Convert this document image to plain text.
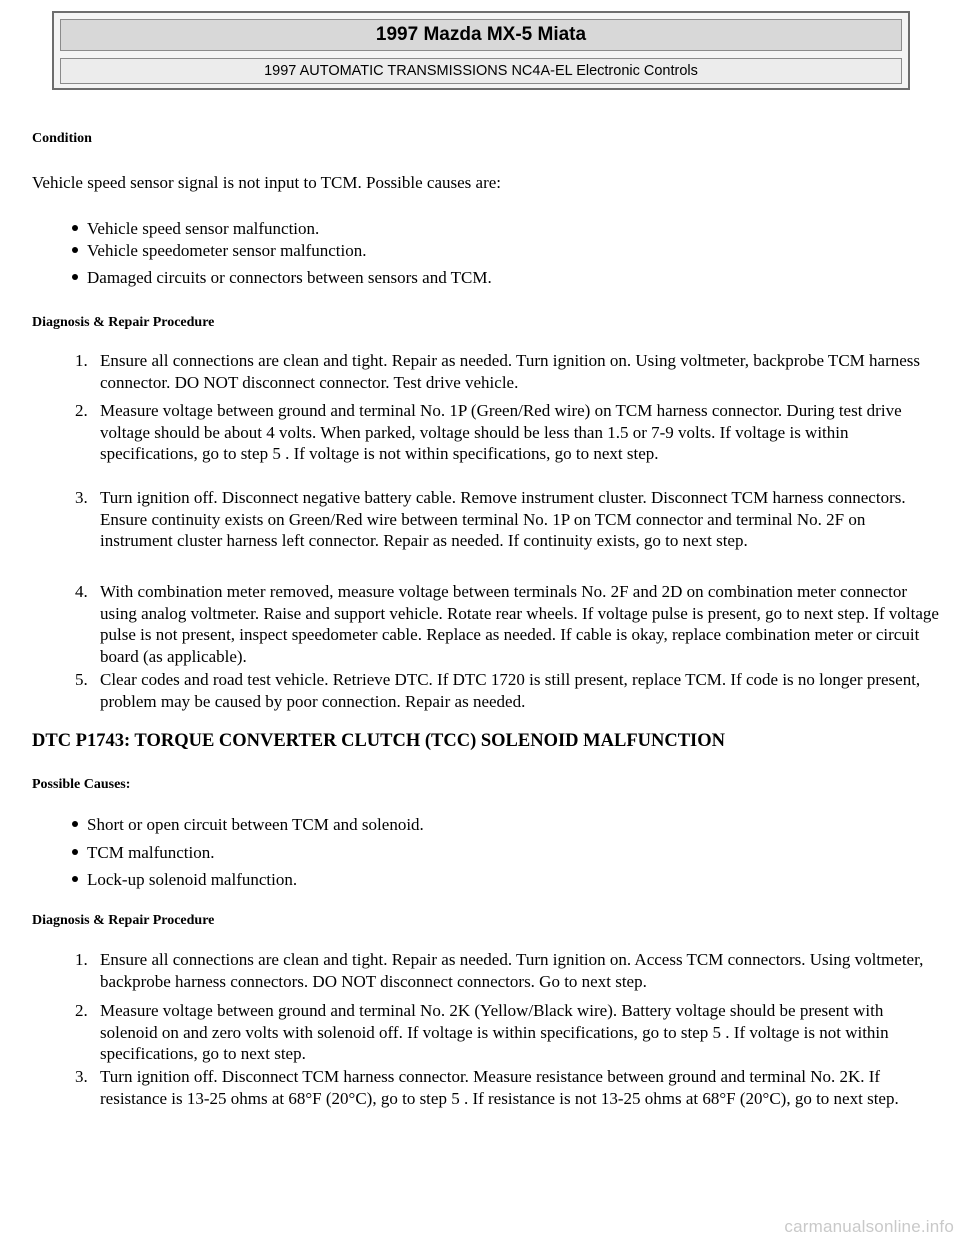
1997 Mazda MX-5 Miata
1997 AUTOMATIC TRANSMISSIONS NC4A-EL Electronic Controls
Condition
Vehicle speed sensor signal is not input to TCM. Possible causes are:
Vehicle speed sensor malfunction.
Vehicle speedometer sensor malfunction.
Damaged circuits or connectors between sensors and TCM.
Diagnosis & Repair Procedure
1. Ensure all connections are clean and tight. Repair as needed. Turn ignition on. Using voltmeter, backprobe TCM harness connector. DO NOT disconnect connector. Test drive vehicle.
2. Measure voltage between ground and terminal No. 1P (Green/Red wire) on TCM harness connector. During test drive voltage should be about 4 volts. When parked, voltage should be less than 1.5 or 7-9 volts. If voltage is within specifications, go to step 5 . If voltage is not within specifications, go to next step.
3. Turn ignition off. Disconnect negative battery cable. Remove instrument cluster. Disconnect TCM harness connectors. Ensure continuity exists on Green/Red wire between terminal No. 1P on TCM connector and terminal No. 2F on instrument cluster harness left connector. Repair as needed. If continuity exists, go to next step.
4. With combination meter removed, measure voltage between terminals No. 2F and 2D on combination meter connector using analog voltmeter. Raise and support vehicle. Rotate rear wheels. If voltage pulse is present, go to next step. If voltage pulse is not present, inspect speedometer cable. Replace as needed. If cable is okay, replace combination meter or circuit board (as applicable).
5. Clear codes and road test vehicle. Retrieve DTC. If DTC 1720 is still present, replace TCM. If code is no longer present, problem may be caused by poor connection. Repair as needed.
DTC P1743: TORQUE CONVERTER CLUTCH (TCC) SOLENOID MALFUNCTION
Possible Causes:
Short or open circuit between TCM and solenoid.
TCM malfunction.
Lock-up solenoid malfunction.
Diagnosis & Repair Procedure
1. Ensure all connections are clean and tight. Repair as needed. Turn ignition on. Access TCM connectors. Using voltmeter, backprobe harness connectors. DO NOT disconnect connectors. Go to next step.
2. Measure voltage between ground and terminal No. 2K (Yellow/Black wire). Battery voltage should be present with solenoid on and zero volts with solenoid off. If voltage is within specifications, go to step 5 . If voltage is not within specifications, go to next step.
3. Turn ignition off. Disconnect TCM harness connector. Measure resistance between ground and terminal No. 2K. If resistance is 13-25 ohms at 68°F (20°C), go to step 5 . If resistance is not 13-25 ohms at 68°F (20°C), go to next step.
carmanualsonline.info
